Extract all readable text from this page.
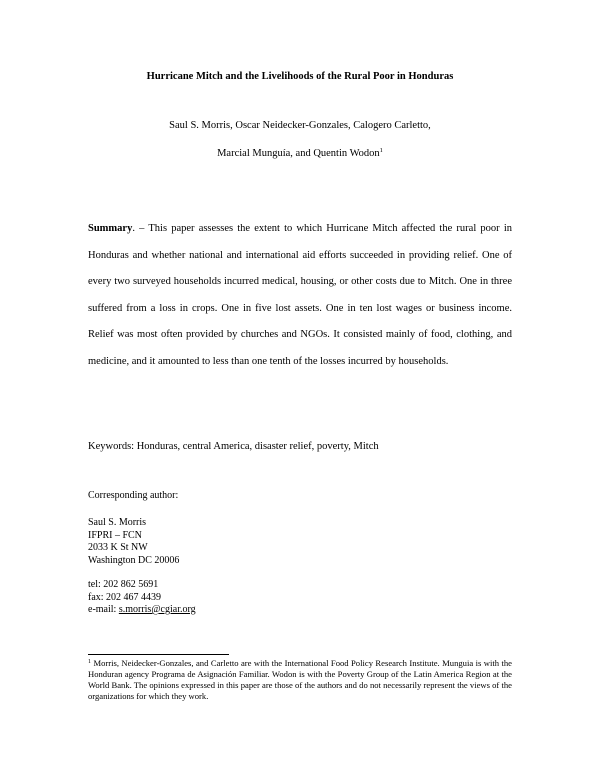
Hurricane Mitch and the Livelihoods of the Rural Poor in Honduras
Saul S. Morris, Oscar Neidecker-Gonzales, Calogero Carletto,
Marcial Munguía, and Quentin Wodon$^1$
Summary. – This paper assesses the extent to which Hurricane Mitch affected the rural poor in Honduras and whether national and international aid efforts succeeded in providing relief. One of every two surveyed households incurred medical, housing, or other costs due to Mitch. One in three suffered from a loss in crops. One in five lost assets. One in ten lost wages or business income. Relief was most often provided by churches and NGOs. It consisted mainly of food, clothing, and medicine, and it amounted to less than one tenth of the losses incurred by households.
Keywords: Honduras, central America, disaster relief, poverty, Mitch
Corresponding author:
Saul S. Morris
IFPRI – FCN
2033 K St NW
Washington DC 20006
tel: 202 862 5691
fax: 202 467 4439
e-mail: s.morris@cgiar.org
$^1$ Morris, Neidecker-Gonzales, and Carletto are with the International Food Policy Research Institute. Munguia is with the Honduran agency Programa de Asignación Familiar. Wodon is with the Poverty Group of the Latin America Region at the World Bank. The opinions expressed in this paper are those of the authors and do not necessarily represent the views of the organizations for which they work.
